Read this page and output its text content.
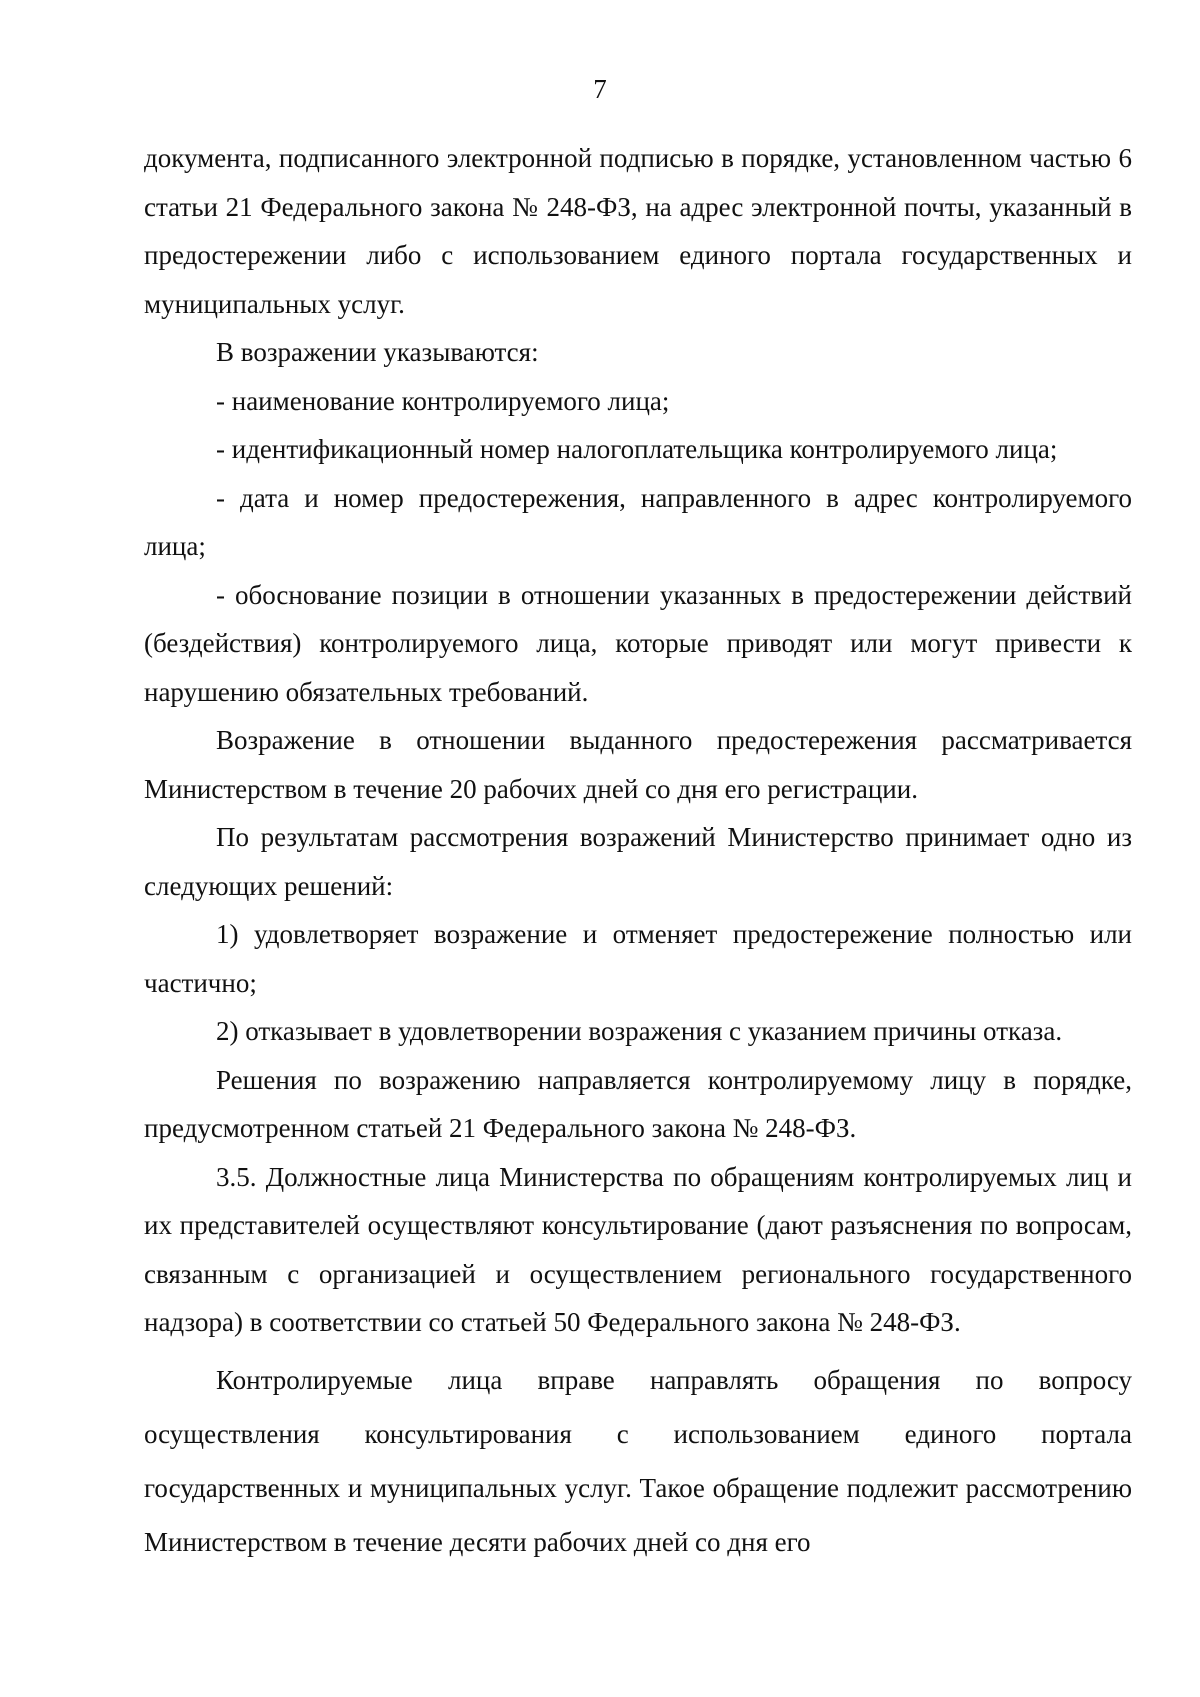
7

документа, подписанного электронной подписью в порядке, установленном частью 6 статьи 21 Федерального закона № 248-ФЗ, на адрес электронной почты, указанный в предостережении либо с использованием единого портала государственных и муниципальных услуг.

В возражении указываются:

- наименование контролируемого лица;

- идентификационный номер налогоплательщика контролируемого лица;

- дата и номер предостережения, направленного в адрес контролируемого лица;

- обоснование позиции в отношении указанных в предостережении действий (бездействия) контролируемого лица, которые приводят или могут привести к нарушению обязательных требований.

Возражение в отношении выданного предостережения рассматривается Министерством в течение 20 рабочих дней со дня его регистрации.

По результатам рассмотрения возражений Министерство принимает одно из следующих решений:

1) удовлетворяет возражение и отменяет предостережение полностью или частично;

2) отказывает в удовлетворении возражения с указанием причины отказа.

Решения по возражению направляется контролируемому лицу в порядке, предусмотренном статьей 21 Федерального закона № 248-ФЗ.

3.5. Должностные лица Министерства по обращениям контролируемых лиц и их представителей осуществляют консультирование (дают разъяснения по вопросам, связанным с организацией и осуществлением регионального государственного надзора) в соответствии со статьей 50 Федерального закона № 248-ФЗ.

Контролируемые лица вправе направлять обращения по вопросу осуществления консультирования с использованием единого портала государственных и муниципальных услуг. Такое обращение подлежит рассмотрению Министерством в течение десяти рабочих дней со дня его
